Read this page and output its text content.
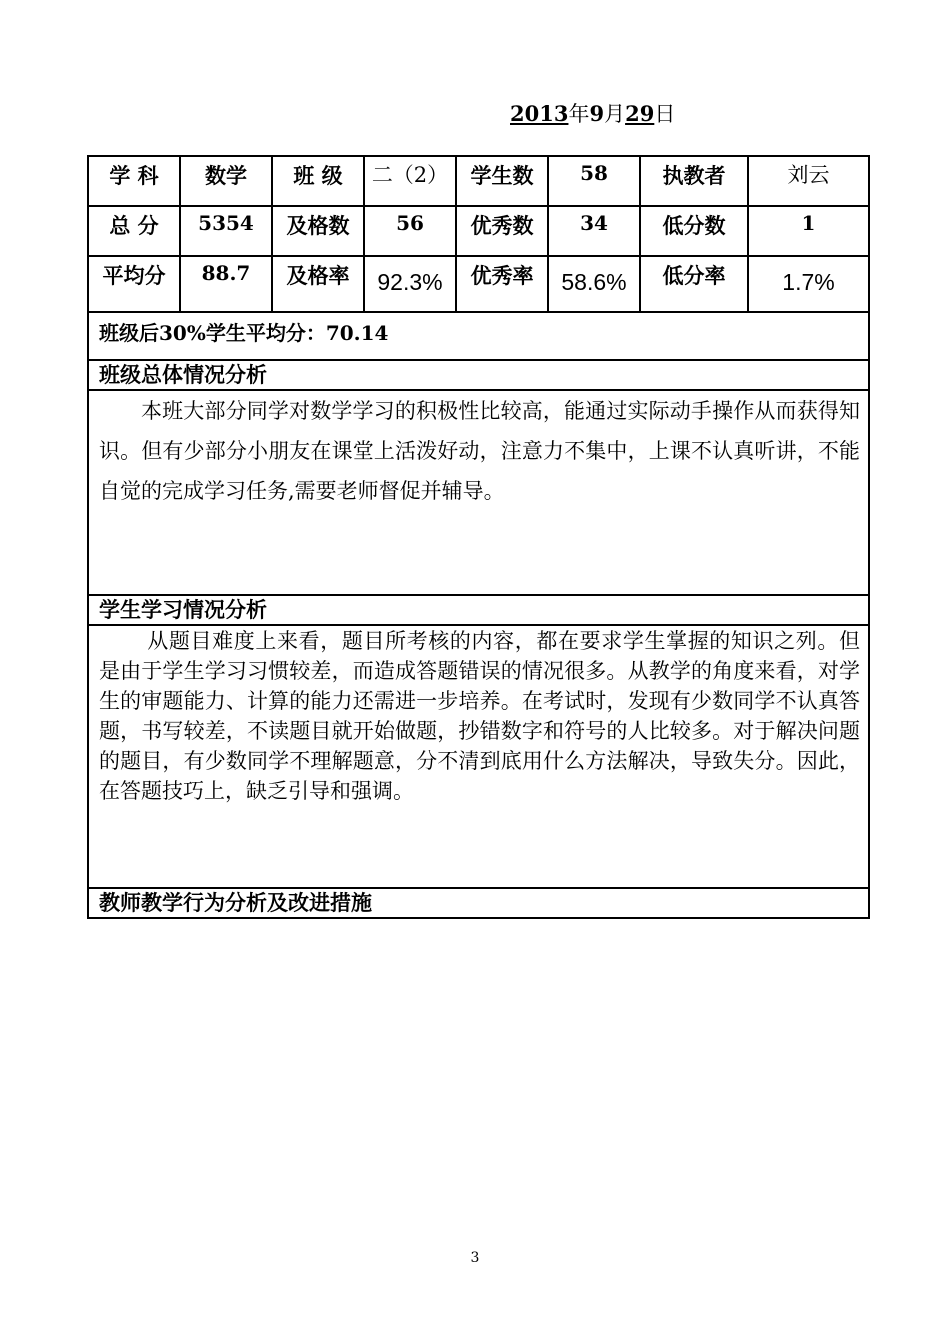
2013年9月29日
学 科	数学	班 级	二（2）	学生数	58	执教者	刘云
总 分	5354	及格数	56	优秀数	34	低分数	1
平均分	88.7	及格率	92.3%	优秀率	58.6%	低分率	1.7%

班级后30%学生平均分：70.14							
班级总体情况分析							

本班大部分同学对数学学习的积极性比较高，能通过实际动手操作从而获得知识。但有少部分小朋友在课堂上活泼好动，注意力不集中，上课不认真听讲，不能自觉的完成学习任务,需要老师督促并辅导。							

学生学习情况分析							

从题目难度上来看，题目所考核的内容，都在要求学生掌握的知识之列。但是由于学生学习习惯较差，而造成答题错误的情况很多。从教学的角度来看，对学生的审题能力、计算的能力还需进一步培养。在考试时，发现有少数同学不认真答题，书写较差，不读题目就开始做题，抄错数字和符号的人比较多。对于解决问题的题目，有少数同学不理解题意，分不清到底用什么方法解决，导致失分。因此，在答题技巧上，缺乏引导和强调。							

教师教学行为分析及改进措施							
3
